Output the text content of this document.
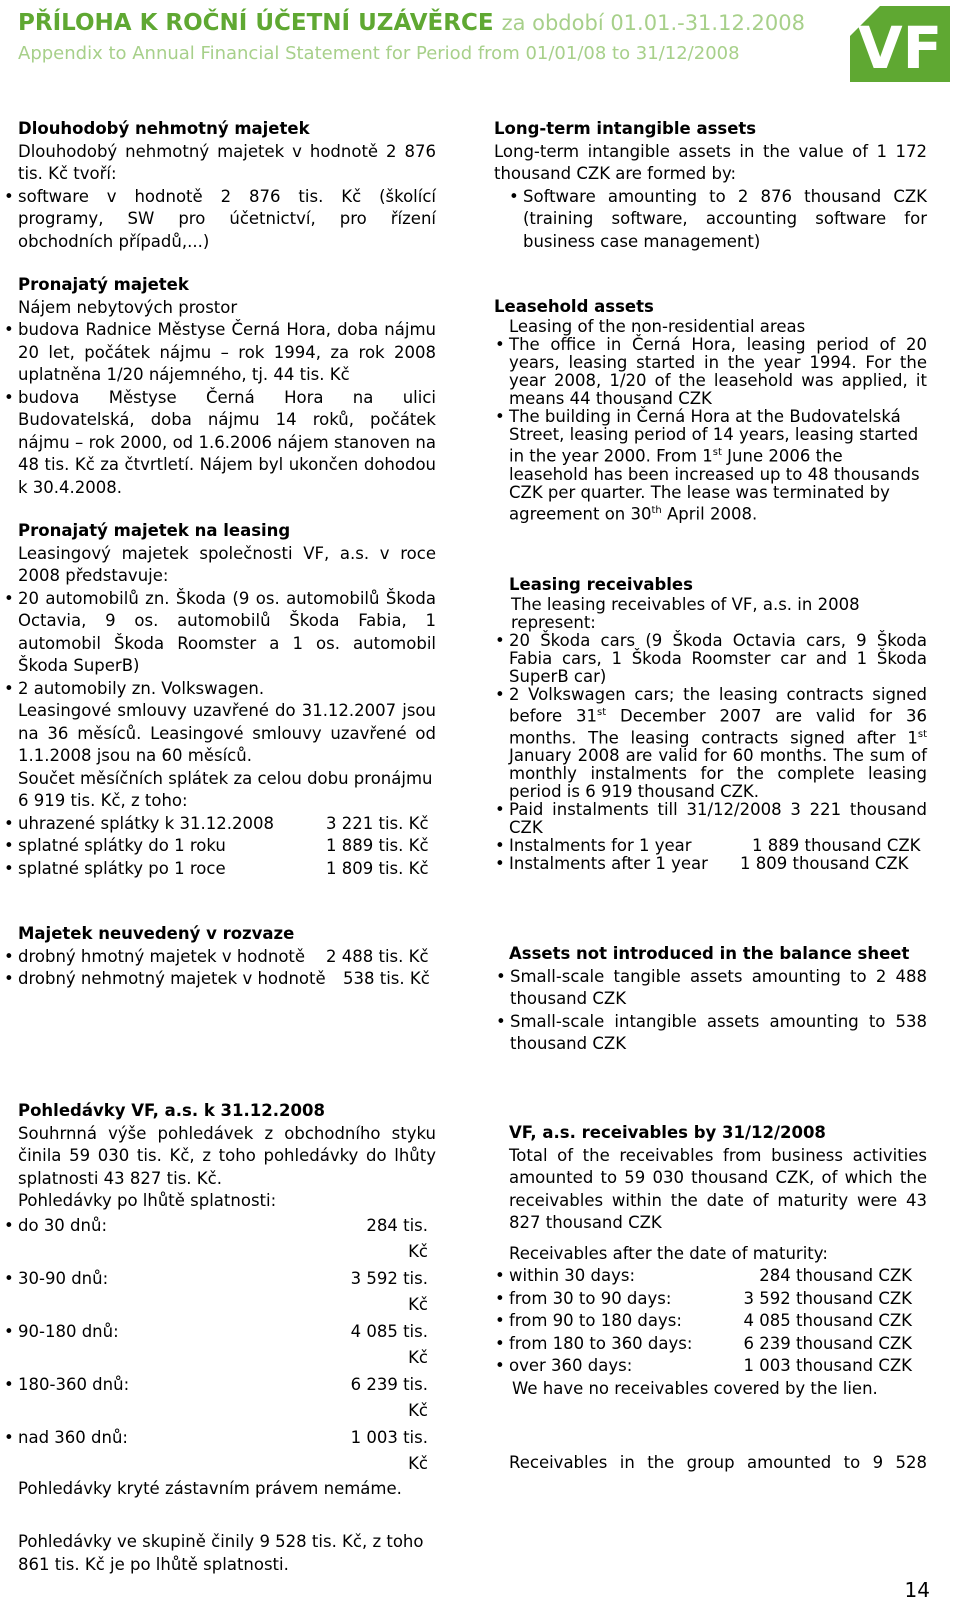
PŘÍLOHA K ROČNÍ ÚČETNÍ UZÁVĚRCE za období 01.01.-31.12.2008
Appendix to Annual Financial Statement for Period from 01/01/08 to 31/12/2008 VF

Dlouhodobý nehmotný majetek

Dlouhodobý nehmotný majetek v hodnotě 2 876 tis. Kč tvoří:

• software v hodnotě 2 876 tis. Kč (školící programy, SW pro účetnictví, pro řízení obchodních případů,...)

Pronajatý majetek

Nájem nebytových prostor

• budova Radnice Městyse Černá Hora, doba nájmu 20 let, počátek nájmu – rok 1994, za rok 2008 uplatněna 1/20 nájemného, tj. 44 tis. Kč
• budova Městyse Černá Hora na ulici Budovatelská, doba nájmu 14 roků, počátek nájmu – rok 2000, od 1.6.2006 nájem stanoven na 48 tis. Kč za čtvrtletí. Nájem byl ukončen dohodou k 30.4.2008.

Pronajatý majetek na leasing

Leasingový majetek společnosti VF, a.s. v roce 2008 představuje:

• 20 automobilů zn. Škoda (9 os. automobilů Škoda Octavia, 9 os. automobilů Škoda Fabia, 1 automobil Škoda Roomster a 1 os. automobil Škoda SuperB)
• 2 automobily zn. Volkswagen.

Leasingové smlouvy uzavřené do 31.12.2007 jsou na 36 měsíců. Leasingové smlouvy uzavřené od 1.1.2008 jsou na 60 měsíců.

Součet měsíčních splátek za celou dobu pronájmu 6 919 tis. Kč, z toho:

• uhrazené splátky k 31.12.2008	3 221 tis. Kč
• splatné splátky do 1 roku	1 889 tis. Kč
• splatné splátky po 1 roce	1 809 tis. Kč

Majetek neuvedený v rozvaze

• drobný hmotný majetek v hodnotě	2 488 tis. Kč
• drobný nehmotný majetek v hodnotě	538 tis. Kč

Pohledávky VF, a.s. k 31.12.2008

Souhrnná výše pohledávek z obchodního styku činila 59 030 tis. Kč, z toho pohledávky do lhůty splatnosti 43 827 tis. Kč.

Pohledávky po lhůtě splatnosti:

• do 30 dnů:	284 tis. Kč
• 30-90 dnů:	3 592 tis. Kč
• 90-180 dnů:	4 085 tis. Kč
• 180-360 dnů:	6 239 tis. Kč
• nad 360 dnů:	1 003 tis. Kč

Pohledávky kryté zástavním právem nemáme.

Pohledávky ve skupině činily 9 528 tis. Kč, z toho 861 tis. Kč je po lhůtě splatnosti.

Long-term intangible assets

Long-term intangible assets in the value of 1 172 thousand CZK are formed by:

• Software amounting to 2 876 thousand CZK (training software, accounting software for business case management)

Leasehold assets

Leasing of the non-residential areas

• The office in Černá Hora, leasing period of 20 years, leasing started in the year 1994. For the year 2008, 1/20 of the leasehold was applied, it means 44 thousand CZK
• The building in Černá Hora at the Budovatelská Street, leasing period of 14 years, leasing started in the year 2000. From 1st June 2006 the leasehold has been increased up to 48 thousands CZK per quarter. The lease was terminated by agreement on 30th April 2008.

Leasing receivables

The leasing receivables of VF, a.s. in 2008 represent:

• 20 Škoda cars (9 Škoda Octavia cars, 9 Škoda Fabia cars, 1 Škoda Roomster car and 1 Škoda SuperB car)
• 2 Volkswagen cars; the leasing contracts signed before 31st December 2007 are valid for 36 months. The leasing contracts signed after 1st January 2008 are valid for 60 months. The sum of monthly instalments for the complete leasing period is 6 919 thousand CZK.
• Paid instalments till 31/12/2008 3 221 thousand CZK
• Instalments for 1 year	1 889 thousand CZK
• Instalments after 1 year	1 809 thousand CZK

Assets not introduced in the balance sheet

• Small-scale tangible assets amounting to 2 488 thousand CZK
• Small-scale intangible assets amounting to 538 thousand CZK

VF, a.s. receivables by 31/12/2008

Total of the receivables from business activities amounted to 59 030 thousand CZK, of which the receivables within the date of maturity were 43 827 thousand CZK

Receivables after the date of maturity:

• within 30 days:	284 thousand CZK
• from 30 to 90 days:	3 592 thousand CZK
• from 90 to 180 days:	4 085 thousand CZK
• from 180 to 360 days:	6 239 thousand CZK
• over 360 days:	1 003 thousand CZK

We have no receivables covered by the lien.

Receivables in the group amounted to 9 528

14
